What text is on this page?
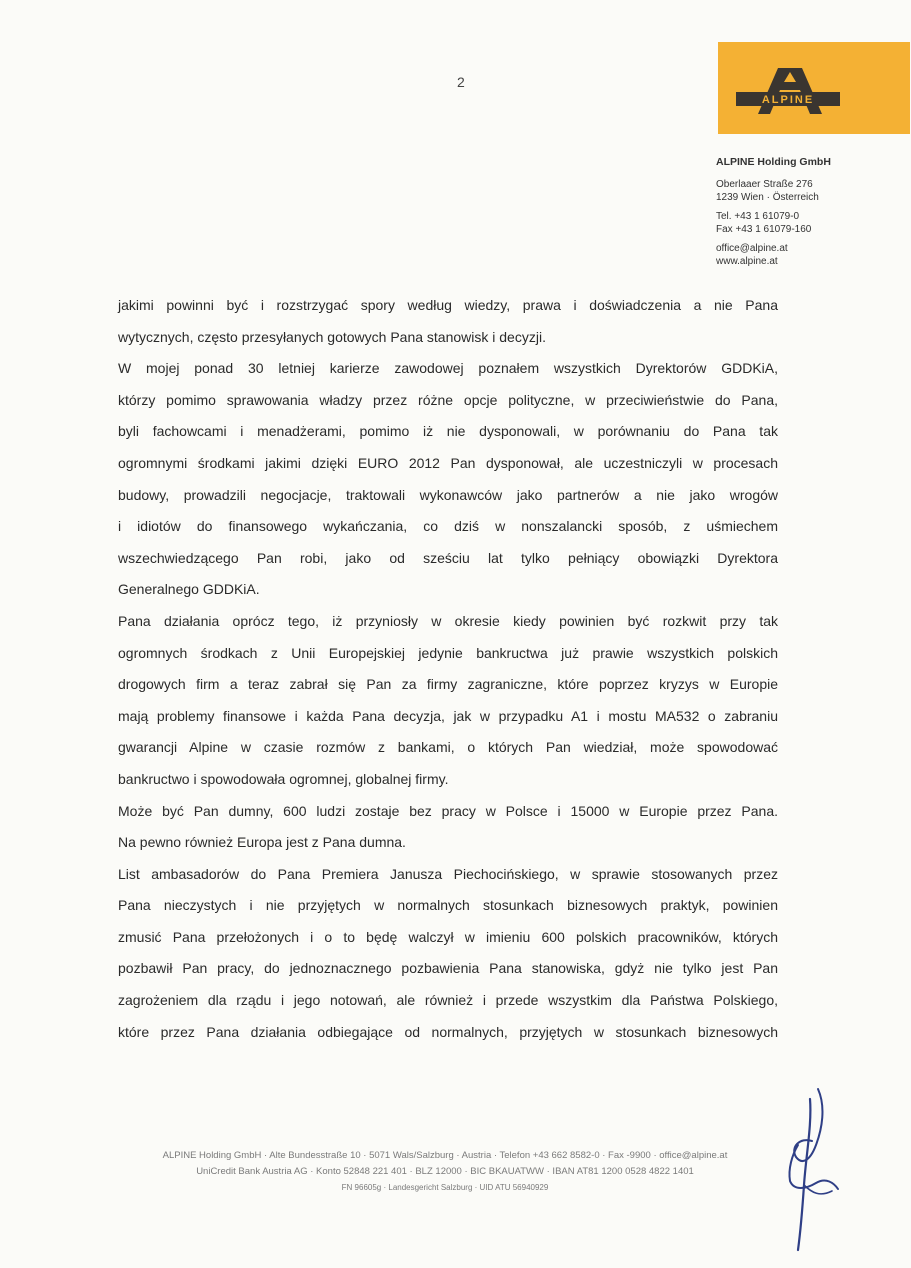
2
ALPINE
ALPINE Holding GmbH
Oberlaaer Straße 276
1239 Wien · Österreich
Tel. +43 1 61079-0
Fax +43 1 61079-160
office@alpine.at
www.alpine.at
jakimi powinni być i rozstrzygać spory według wiedzy, prawa i doświadczenia a nie Pana
wytycznych, często przesyłanych gotowych Pana stanowisk i decyzji.
W mojej ponad 30 letniej karierze zawodowej poznałem wszystkich Dyrektorów GDDKiA,
którzy pomimo sprawowania władzy przez różne opcje polityczne, w przeciwieństwie do Pana,
byli fachowcami i menadżerami, pomimo iż nie dysponowali, w porównaniu do Pana tak
ogromnymi środkami jakimi dzięki EURO 2012 Pan dysponował, ale uczestniczyli w procesach
budowy, prowadzili negocjacje, traktowali wykonawców jako partnerów a nie jako wrogów
i idiotów do finansowego wykańczania, co dziś w nonszalancki sposób, z uśmiechem
wszechwiedzącego Pan robi, jako od sześciu lat tylko pełniący obowiązki Dyrektora
Generalnego GDDKiA.
Pana działania oprócz tego, iż przyniosły w okresie kiedy powinien być rozkwit przy tak
ogromnych środkach z Unii Europejskiej jedynie bankructwa już prawie wszystkich polskich
drogowych firm a teraz zabrał się Pan za firmy zagraniczne, które poprzez kryzys w Europie
mają problemy finansowe i każda Pana decyzja, jak w przypadku A1 i mostu MA532 o zabraniu
gwarancji Alpine w czasie rozmów z bankami, o których Pan wiedział, może spowodować
bankructwo i spowodowała ogromnej, globalnej firmy.
Może być Pan dumny, 600 ludzi zostaje bez pracy w Polsce i 15000 w Europie przez Pana.
Na pewno również Europa jest z Pana dumna.
List ambasadorów do Pana Premiera Janusza Piechocińskiego, w sprawie stosowanych przez
Pana nieczystych i nie przyjętych w normalnych stosunkach biznesowych praktyk, powinien
zmusić Pana przełożonych i o to będę walczył w imieniu 600 polskich pracowników, których
pozbawił Pan pracy, do jednoznacznego pozbawienia Pana stanowiska, gdyż nie tylko jest Pan
zagrożeniem dla rządu i jego notowań, ale również i przede wszystkim dla Państwa Polskiego,
które przez Pana działania odbiegające od normalnych, przyjętych w stosunkach biznesowych
ALPINE Holding GmbH · Alte Bundesstraße 10 · 5071 Wals/Salzburg · Austria · Telefon +43 662 8582-0 · Fax -9900 · office@alpine.at
UniCredit Bank Austria AG · Konto 52848 221 401 · BLZ 12000 · BIC BKAUATWW · IBAN AT81 1200 0528 4822 1401
FN 96605g · Landesgericht Salzburg · UID ATU 56940929
